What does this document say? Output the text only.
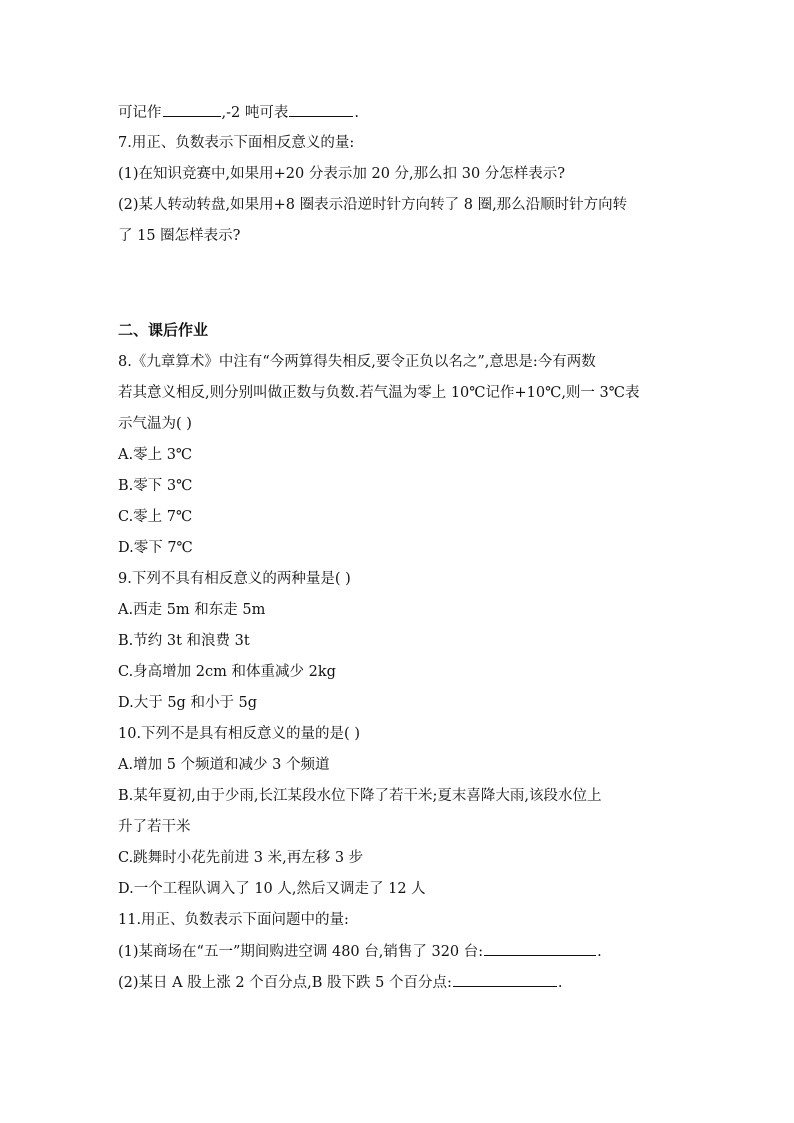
可记作	,-2 吨可表	.
7.用正、负数表示下面相反意义的量:
(1)在知识竞赛中,如果用+20 分表示加 20 分,那么扣 30 分怎样表示?
(2)某人转动转盘,如果用+8 圈表示沿逆时针方向转了 8 圈,那么沿顺时针方向转
了 15 圈怎样表示?
二、课后作业
8.《九章算术》中注有“今两算得失相反,要令正负以名之”,意思是:今有两数
若其意义相反,则分别叫做正数与负数.若气温为零上 10℃记作+10℃,则一 3℃表
示气温为( )
A.零上 3℃
B.零下 3℃
C.零上 7℃
D.零下 7℃
9.下列不具有相反意义的两种量是( )
A.西走 5m 和东走 5m
B.节约 3t 和浪费 3t
C.身高增加 2cm 和体重减少 2kg
D.大于 5g 和小于 5g
10.下列不是具有相反意义的量的是( )
A.增加 5 个频道和减少 3 个频道
B.某年夏初,由于少雨,长江某段水位下降了若干米;夏末喜降大雨,该段水位上
升了若干米
C.跳舞时小花先前进 3 米,再左移 3 步
D.一个工程队调入了 10 人,然后又调走了 12 人
11.用正、负数表示下面问题中的量:
(1)某商场在“五一”期间购进空调 480 台,销售了 320 台:	.
(2)某日 A 股上涨 2 个百分点,B 股下跌 5 个百分点:	.
